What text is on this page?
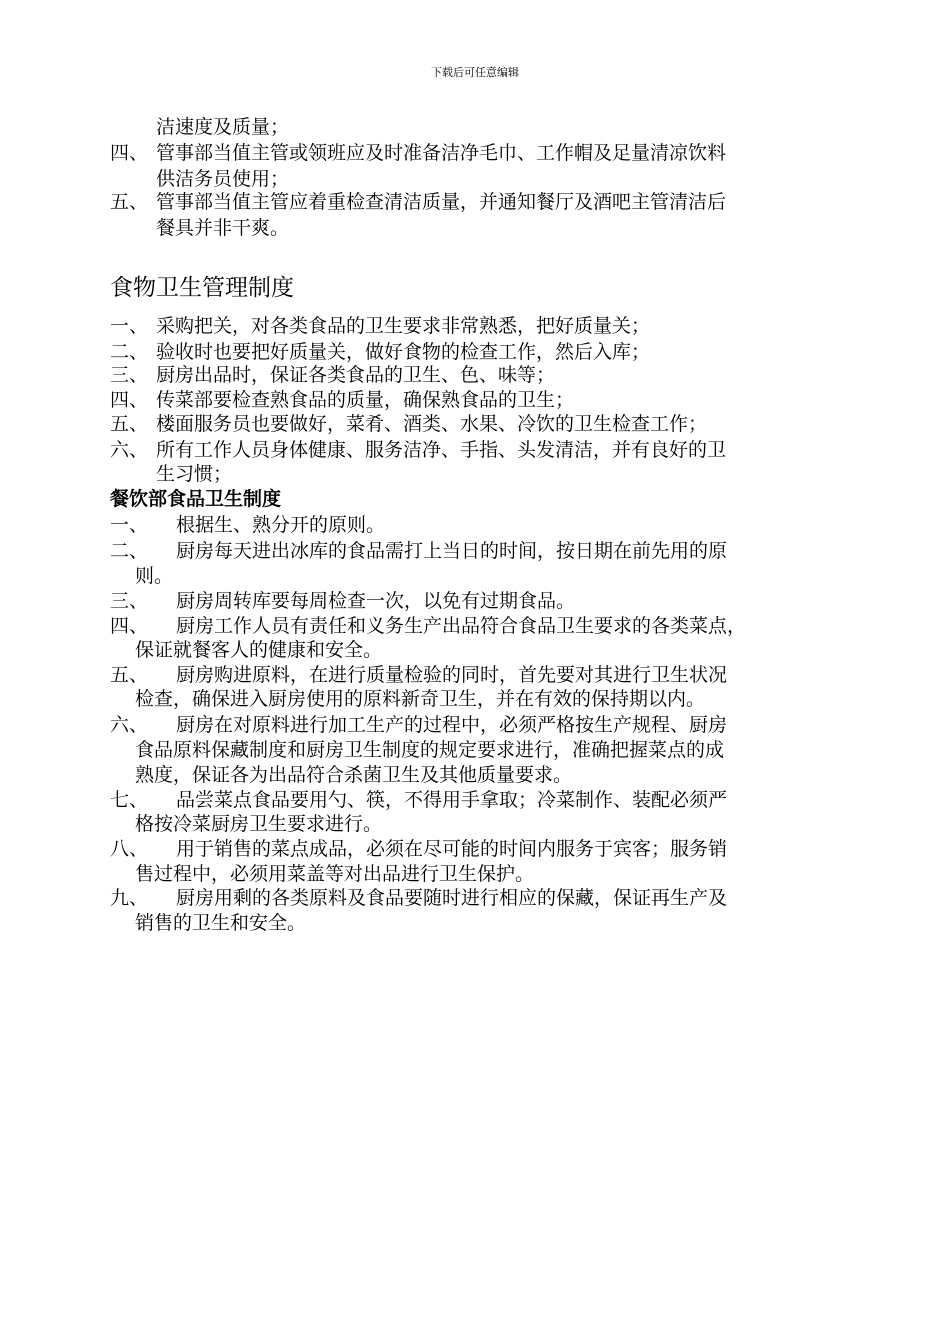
下载后可任意编辑
洁速度及质量；
四、 管事部当值主管或领班应及时准备洁净毛巾、工作帽及足量清凉饮料
供洁务员使用；
五、 管事部当值主管应着重检查清洁质量，并通知餐厅及酒吧主管清洁后
餐具并非干爽。
食物卫生管理制度
一、 采购把关，对各类食品的卫生要求非常熟悉，把好质量关；
二、 验收时也要把好质量关，做好食物的检查工作，然后入库；
三、 厨房出品时，保证各类食品的卫生、色、味等；
四、 传菜部要检查熟食品的质量，确保熟食品的卫生；
五、 楼面服务员也要做好，菜肴、酒类、水果、冷饮的卫生检查工作；
六、 所有工作人员身体健康、服务洁净、手指、头发清洁，并有良好的卫
生习惯；
餐饮部食品卫生制度
一、 根据生、熟分开的原则。
二、 厨房每天进出冰库的食品需打上当日的时间，按日期在前先用的原
则。
三、 厨房周转库要每周检查一次，以免有过期食品。
四、 厨房工作人员有责任和义务生产出品符合食品卫生要求的各类菜点，
保证就餐客人的健康和安全。
五、 厨房购进原料，在进行质量检验的同时，首先要对其进行卫生状况
检查，确保进入厨房使用的原料新奇卫生，并在有效的保持期以内。
六、 厨房在对原料进行加工生产的过程中，必须严格按生产规程、厨房
食品原料保藏制度和厨房卫生制度的规定要求进行，准确把握菜点的成
熟度，保证各为出品符合杀菌卫生及其他质量要求。
七、 品尝菜点食品要用勺、筷，不得用手拿取；冷菜制作、装配必须严
格按冷菜厨房卫生要求进行。
八、 用于销售的菜点成品，必须在尽可能的时间内服务于宾客；服务销
售过程中，必须用菜盖等对出品进行卫生保护。
九、 厨房用剩的各类原料及食品要随时进行相应的保藏，保证再生产及
销售的卫生和安全。
